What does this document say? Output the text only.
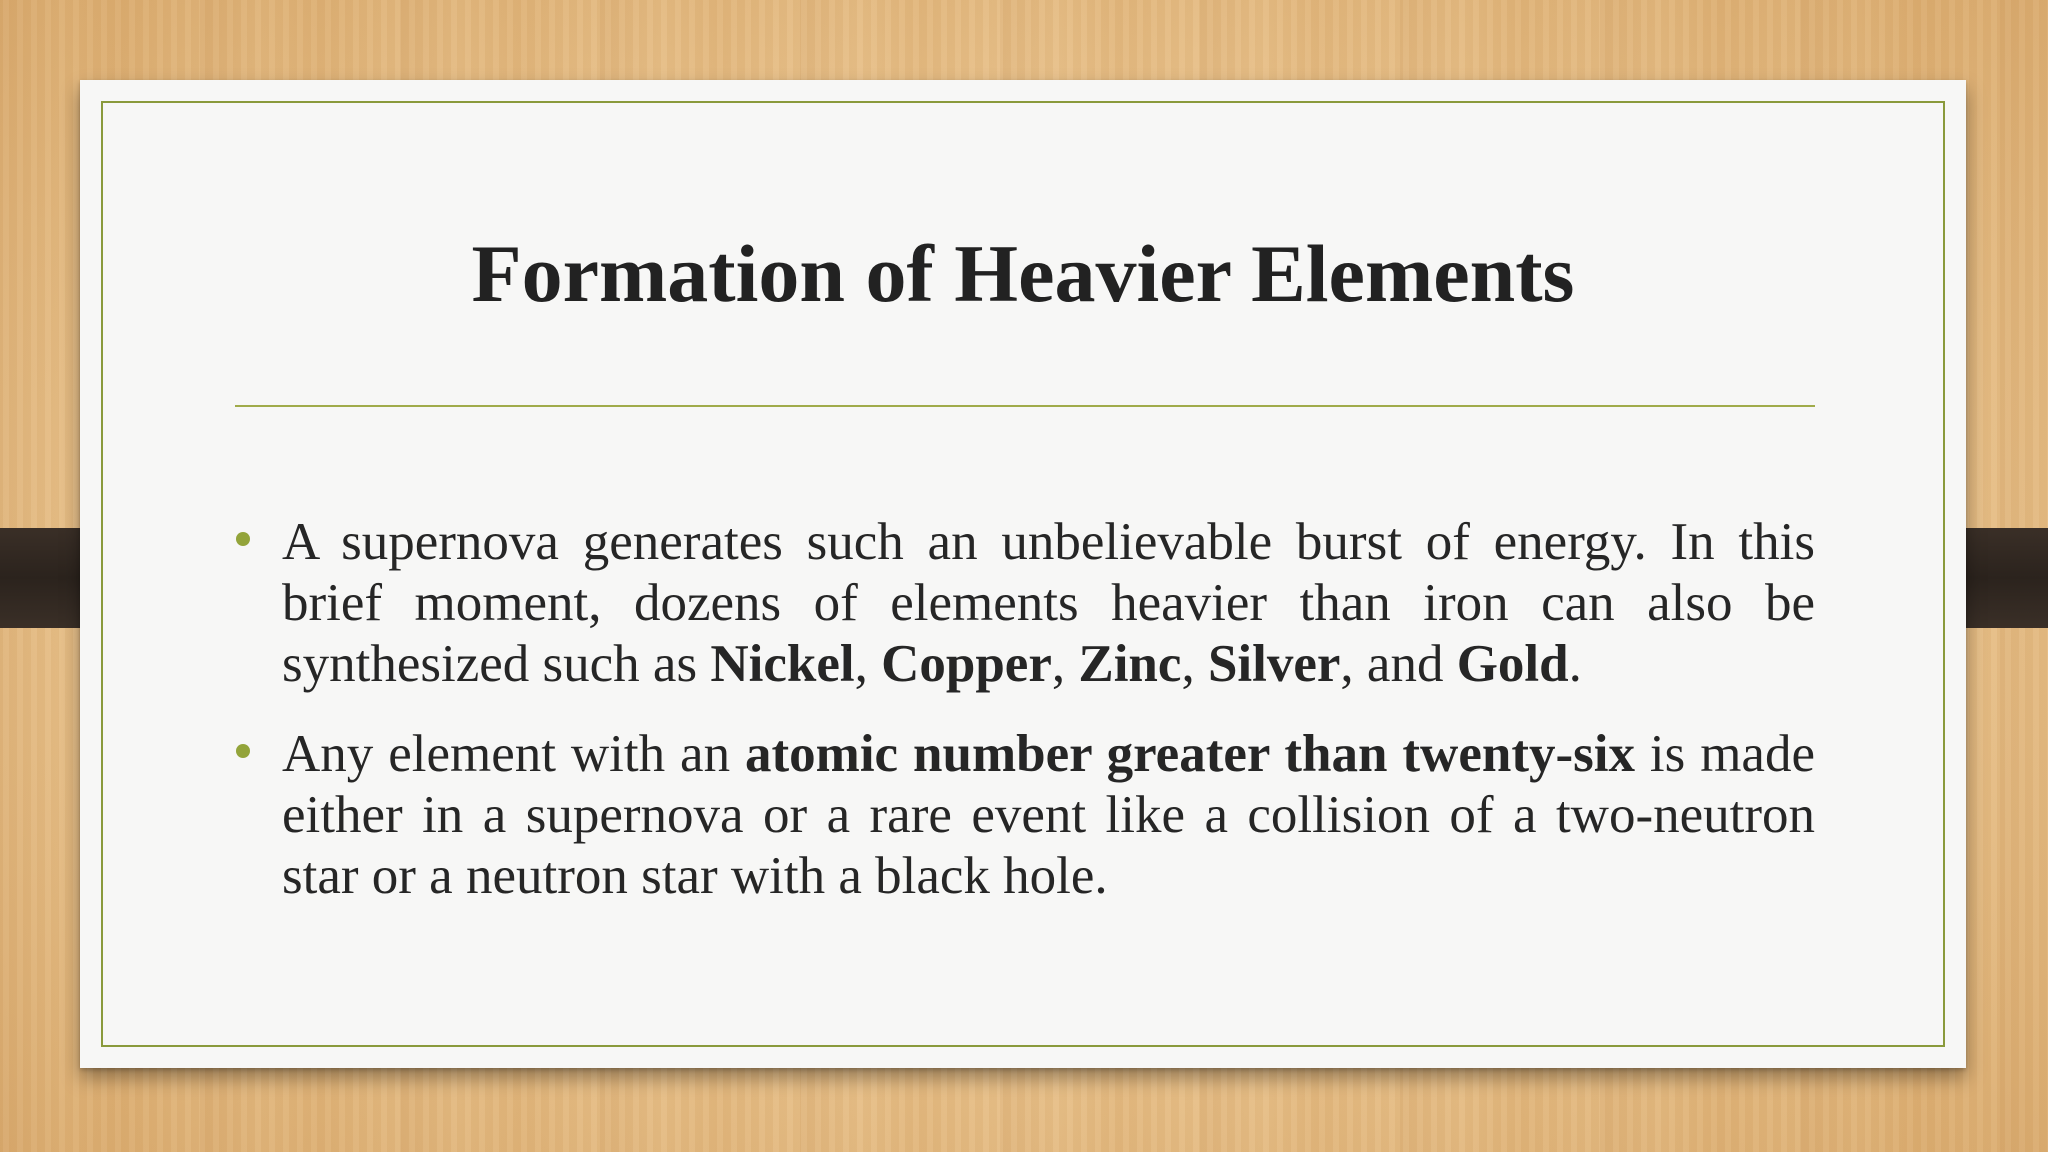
Formation of Heavier Elements
A supernova generates such an unbelievable burst of energy. In this brief moment, dozens of elements heavier than iron can also be synthesized such as Nickel, Copper, Zinc, Silver, and Gold.
Any element with an atomic number greater than twenty-six is made either in a supernova or a rare event like a collision of a two-neutron star or a neutron star with a black hole.
